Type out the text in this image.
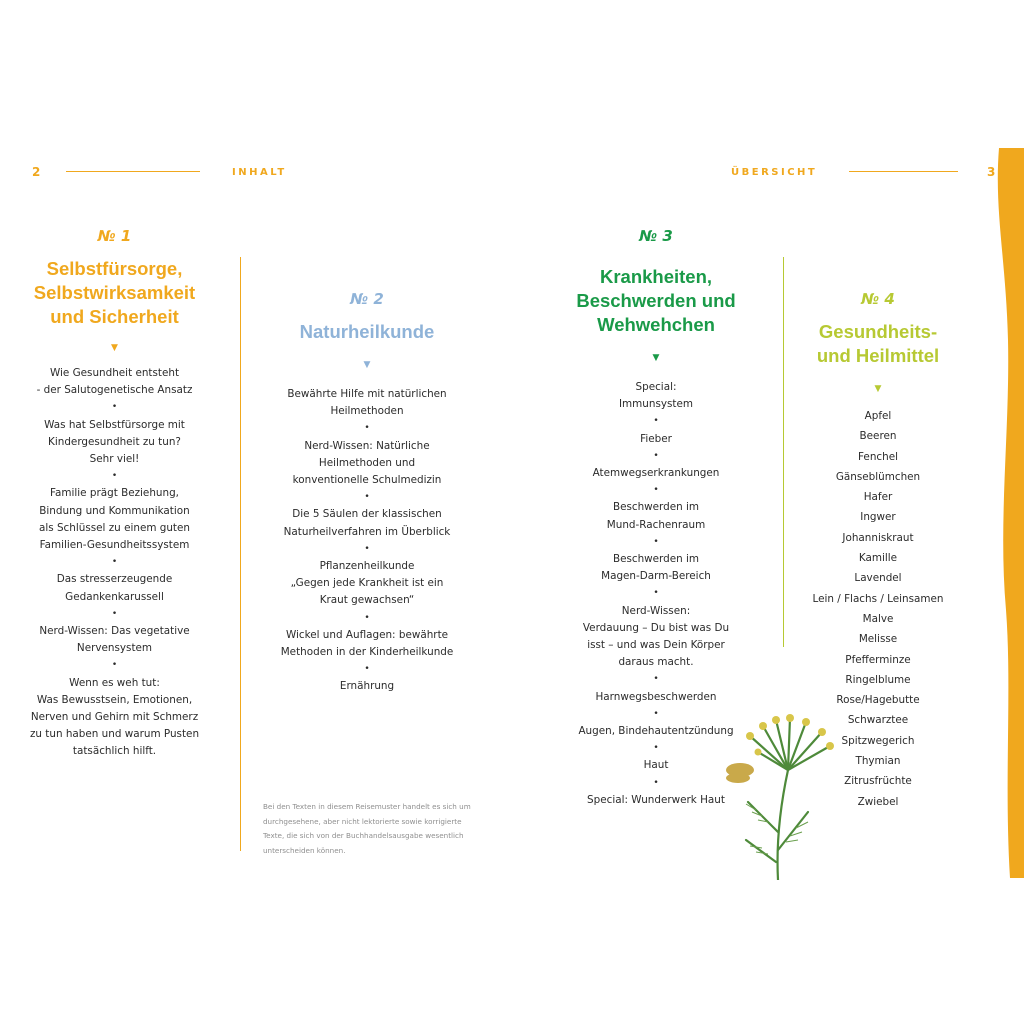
2	INHALT	ÜBERSICHT	3
№ 1
Selbstfürsorge,
Selbstwirksamkeit
und Sicherheit
▼
Wie Gesundheit entsteht
- der Salutogenetische Ansatz
•
Was hat Selbstfürsorge mit
Kindergesundheit zu tun?
Sehr viel!
•
Familie prägt Beziehung,
Bindung und Kommunikation
als Schlüssel zu einem guten
Familien-Gesundheitssystem
•
Das stresserzeugende
Gedankenkarussell
•
Nerd-Wissen: Das vegetative
Nervensystem
•
Wenn es weh tut:
Was Bewusstsein, Emotionen,
Nerven und Gehirn mit Schmerz
zu tun haben und warum Pusten
tatsächlich hilft.
№ 2
Naturheilkunde
▼
Bewährte Hilfe mit natürlichen
Heilmethoden
•
Nerd-Wissen: Natürliche
Heilmethoden und
konventionelle Schulmedizin
•
Die 5 Säulen der klassischen
Naturheilverfahren im Überblick
•
Pflanzenheilkunde
„Gegen jede Krankheit ist ein
Kraut gewachsen“
•
Wickel und Auflagen: bewährte
Methoden in der Kinderheilkunde
•
Ernährung
Bei den Texten in diesem Reisemuster handelt es sich um durchgesehene, aber nicht lektorierte sowie korrigierte Texte, die sich von der Buchhandelsausgabe wesentlich unterscheiden können.
№ 3
Krankheiten,
Beschwerden und
Wehwehchen
▼
Special:
Immunsystem
•
Fieber
•
Atemwegserkrankungen
•
Beschwerden im
Mund-Rachenraum
•
Beschwerden im
Magen-Darm-Bereich
•
Nerd-Wissen:
Verdauung – Du bist was Du
isst – und was Dein Körper
daraus macht.
•
Harnwegsbeschwerden
•
Augen, Bindehautentzündung
•
Haut
•
Special: Wunderwerk Haut
№ 4
Gesundheits-
und Heilmittel
▼
Apfel
Beeren
Fenchel
Gänseblümchen
Hafer
Ingwer
Johanniskraut
Kamille
Lavendel
Lein / Flachs / Leinsamen
Malve
Melisse
Pfefferminze
Ringelblume
Rose/Hagebutte
Schwarztee
Spitzwegerich
Thymian
Zitrusfrüchte
Zwiebel
